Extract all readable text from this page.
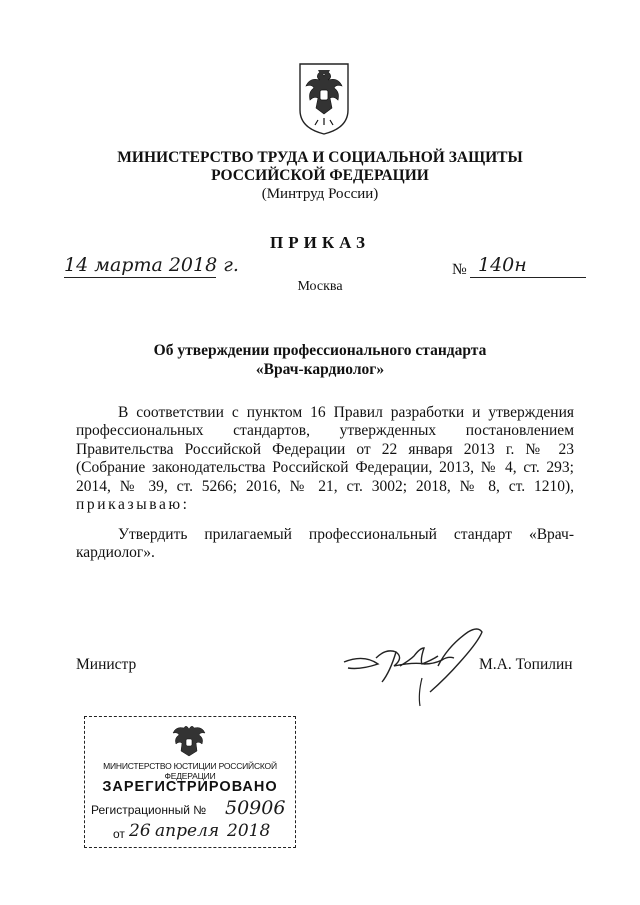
МИНИСТЕРСТВО ТРУДА И СОЦИАЛЬНОЙ ЗАЩИТЫ
РОССИЙСКОЙ ФЕДЕРАЦИИ
(Минтруд России)
ПРИКАЗ
14 марта 2018 г.	№ 140н
Москва
Об утверждении профессионального стандарта
«Врач-кардиолог»
В соответствии с пунктом 16 Правил разработки и утверждения профессиональных стандартов, утвержденных постановлением Правительства Российской Федерации от 22 января 2013 г. № 23 (Собрание законодательства Российской Федерации, 2013, № 4, ст. 293; 2014, № 39, ст. 5266; 2016, № 21, ст. 3002; 2018, № 8, ст. 1210), приказываю:
Утвердить прилагаемый профессиональный стандарт «Врач-кардиолог».
Министр	М.А. Топилин
МИНИСТЕРСТВО ЮСТИЦИИ РОССИЙСКОЙ ФЕДЕРАЦИИ
ЗАРЕГИСТРИРОВАНО
Регистрационный № 50906
от 26 апреля 2018
